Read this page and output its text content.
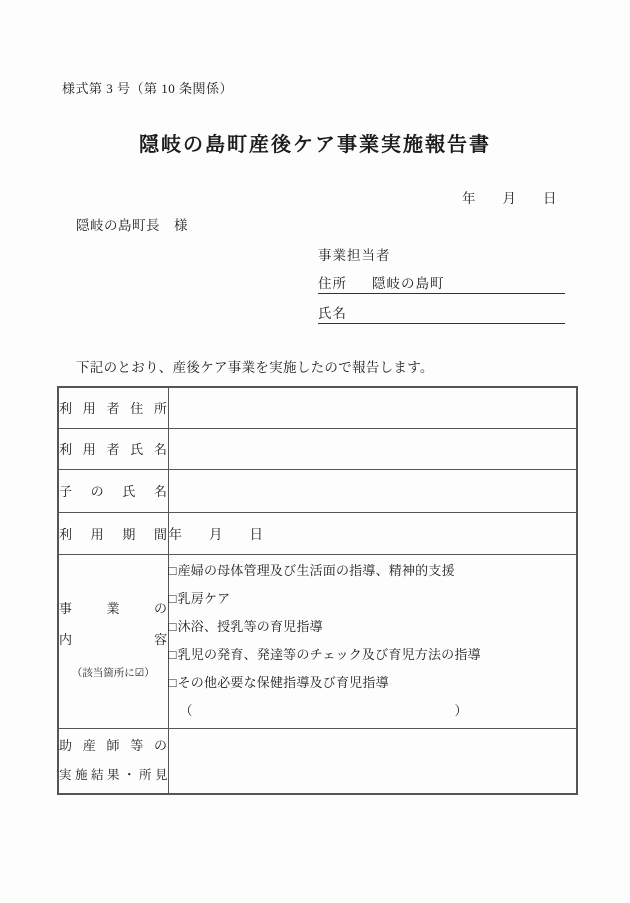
様式第 3 号（第 10 条関係）
隠岐の島町産後ケア事業実施報告書
年　　月　　日
隠岐の島町長　様
事業担当者
住所 隠岐の島町
氏名
下記のとおり、産後ケア事業を実施したので報告します。
利 用 者 住 所	
利 用 者 氏 名	
子 の 氏 名	
利 用 期 間	年　　月　　日

事 業 の
内 容
（該当箇所に☑）

□産婦の母体管理及び生活面の指導、精神的支援
□乳房ケア
□沐浴、授乳等の育児指導
□乳児の発育、発達等のチェック及び育児方法の指導
□その他必要な保健指導及び育児指導
（	）

助 産 師 等 の
実施結果・所見	
